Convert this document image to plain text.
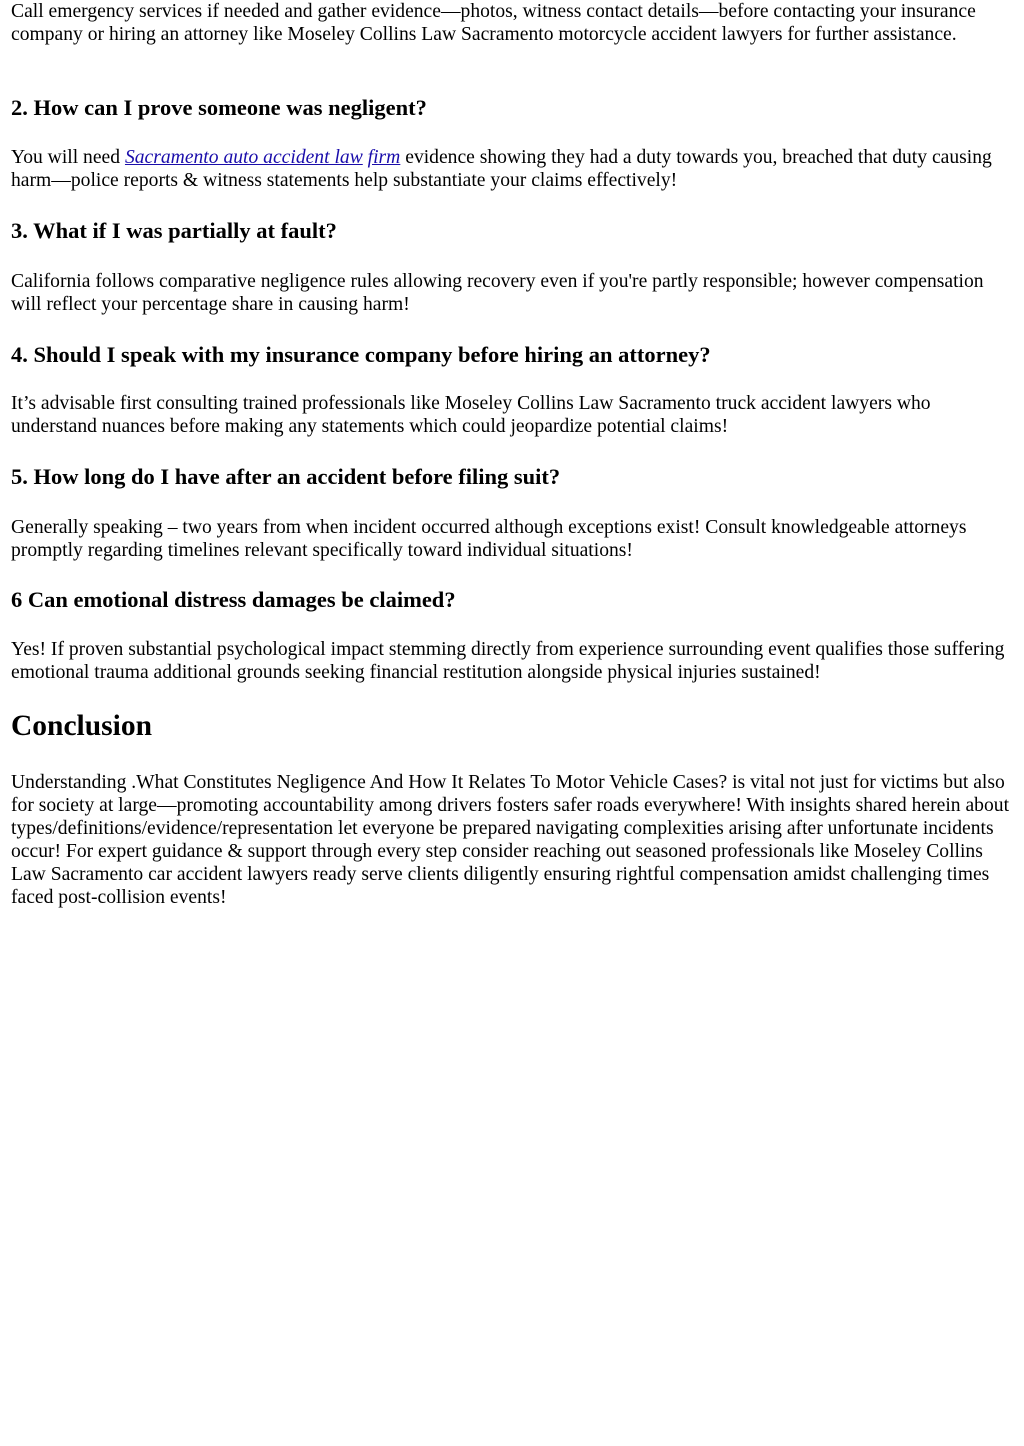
Call emergency services if needed and gather evidence—photos, witness contact details—before contacting your insurance company or hiring an attorney like Moseley Collins Law Sacramento motorcycle accident lawyers for further assistance.

2. How can I prove someone was negligent?

You will need Sacramento auto accident law firm evidence showing they had a duty towards you, breached that duty causing harm—police reports & witness statements help substantiate your claims effectively!

3. What if I was partially at fault?

California follows comparative negligence rules allowing recovery even if you're partly responsible; however compensation will reflect your percentage share in causing harm!

4. Should I speak with my insurance company before hiring an attorney?

It’s advisable first consulting trained professionals like Moseley Collins Law Sacramento truck accident lawyers who understand nuances before making any statements which could jeopardize potential claims!

5. How long do I have after an accident before filing suit?

Generally speaking – two years from when incident occurred although exceptions exist! Consult knowledgeable attorneys promptly regarding timelines relevant specifically toward individual situations!

6 Can emotional distress damages be claimed?

Yes! If proven substantial psychological impact stemming directly from experience surrounding event qualifies those suffering emotional trauma additional grounds seeking financial restitution alongside physical injuries sustained!

Conclusion

Understanding .What Constitutes Negligence And How It Relates To Motor Vehicle Cases? is vital not just for victims but also for society at large—promoting accountability among drivers fosters safer roads everywhere! With insights shared herein about types/definitions/evidence/representation let everyone be prepared navigating complexities arising after unfortunate incidents occur! For expert guidance & support through every step consider reaching out seasoned professionals like Moseley Collins Law Sacramento car accident lawyers ready serve clients diligently ensuring rightful compensation amidst challenging times faced post-collision events!
